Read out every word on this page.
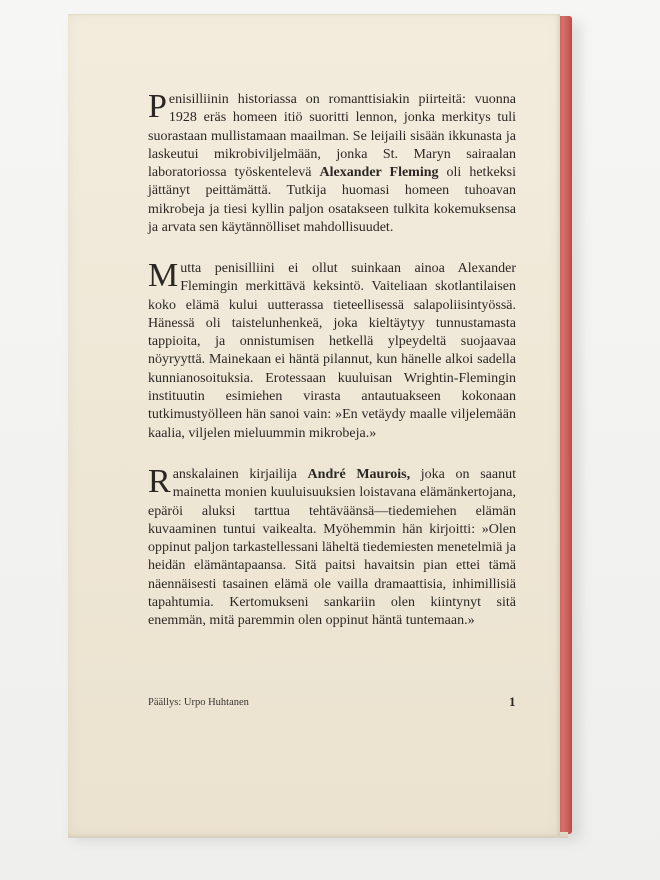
Penisilliinin historiassa on romanttisiakin piirteitä: vuonna 1928 eräs homeen itiö suoritti lennon, jonka merkitys tuli suorastaan mullistamaan maailman. Se leijaili sisään ikkunasta ja laskeutui mikrobiviljelmään, jonka St. Maryn sairaalan laboratoriossa työskentelevä Alexander Fleming oli hetkeksi jättänyt peittämättä. Tutkija huomasi homeen tuhoavan mikrobeja ja tiesi kyllin paljon osatakseen tulkita kokemuksensa ja arvata sen käytännölliset mahdollisuudet.

Mutta penisilliini ei ollut suinkaan ainoa Alexander Flemingin merkittävä keksintö. Vaiteliaan skotlantilaisen koko elämä kului uutterassa tieteellisessä salapoliisintyössä. Hänessä oli taistelunhenkeä, joka kieltäytyy tunnustamasta tappioita, ja onnistumisen hetkellä ylpeydeltä suojaavaa nöyryyttä. Mainekaan ei häntä pilannut, kun hänelle alkoi sadella kunnianosoituksia. Erotessaan kuuluisan Wrightin-Flemingin instituutin esimiehen virasta antautuakseen kokonaan tutkimustyölleen hän sanoi vain: »En vetäydy maalle viljelemään kaalia, viljelen mieluummin mikrobeja.»

Ranskalainen kirjailija André Maurois, joka on saanut mainetta monien kuuluisuuksien loistavana elämänkertojana, epäröi aluksi tarttua tehtäväänsä—tiedemiehen elämän kuvaaminen tuntui vaikealta. Myöhemmin hän kirjoitti: »Olen oppinut paljon tarkastellessani läheltä tiedemiesten menetelmiä ja heidän elämäntapaansa. Sitä paitsi havaitsin pian ettei tämä näennäisesti tasainen elämä ole vailla dramaattisia, inhimillisiä tapahtumia. Kertomukseni sankariin olen kiintynyt sitä enemmän, mitä paremmin olen oppinut häntä tuntemaan.»

Päällys: Urpo Huhtanen	1
